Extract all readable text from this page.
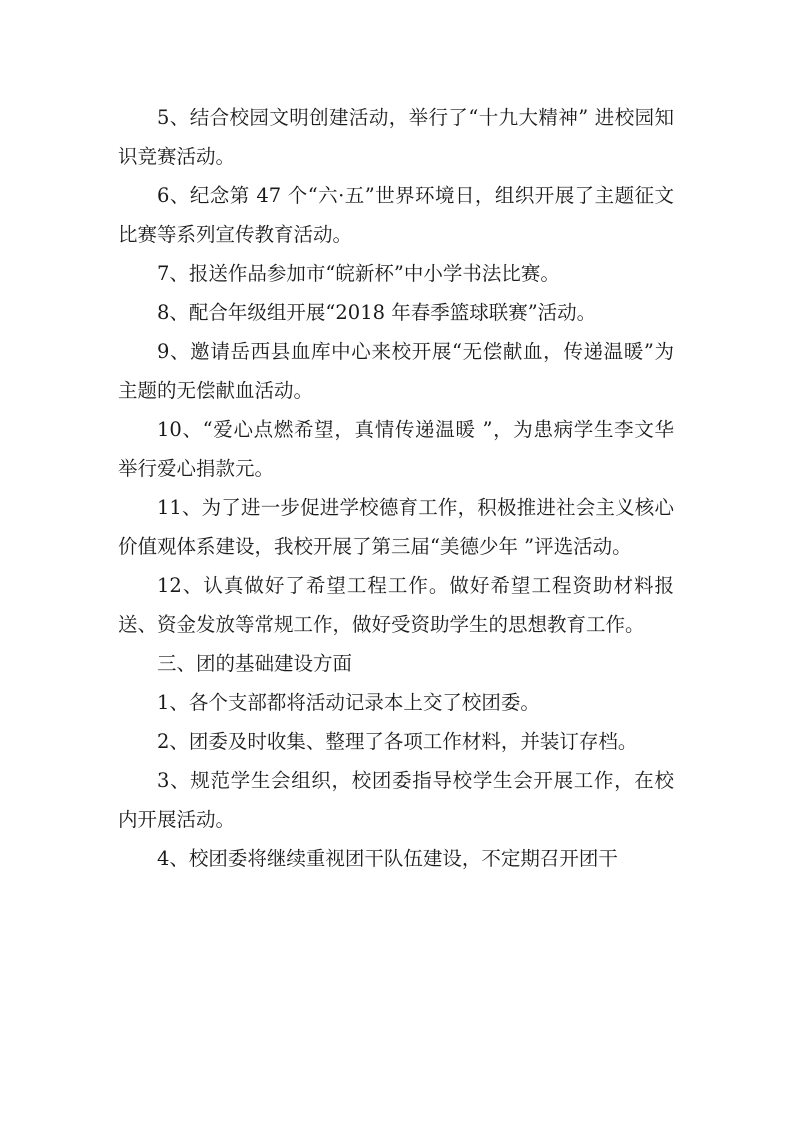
5、结合校园文明创建活动，举行了“十九大精神” 进校园知识竞赛活动。

6、纪念第 47 个“六·五”世界环境日，组织开展了主题征文比赛等系列宣传教育活动。

7、报送作品参加市“皖新杯”中小学书法比赛。

8、配合年级组开展“2018 年春季篮球联赛”活动。

9、邀请岳西县血库中心来校开展“无偿献血，传递温暖”为主题的无偿献血活动。

10、“爱心点燃希望，真情传递温暖 ”，为患病学生李文华举行爱心捐款元。

11、为了进一步促进学校德育工作，积极推进社会主义核心价值观体系建设，我校开展了第三届“美德少年 ”评选活动。

12、认真做好了希望工程工作。做好希望工程资助材料报送、资金发放等常规工作，做好受资助学生的思想教育工作。

三、团的基础建设方面

1、各个支部都将活动记录本上交了校团委。

2、团委及时收集、整理了各项工作材料，并装订存档。

3、规范学生会组织，校团委指导校学生会开展工作，在校内开展活动。

4、校团委将继续重视团干队伍建设，不定期召开团干
